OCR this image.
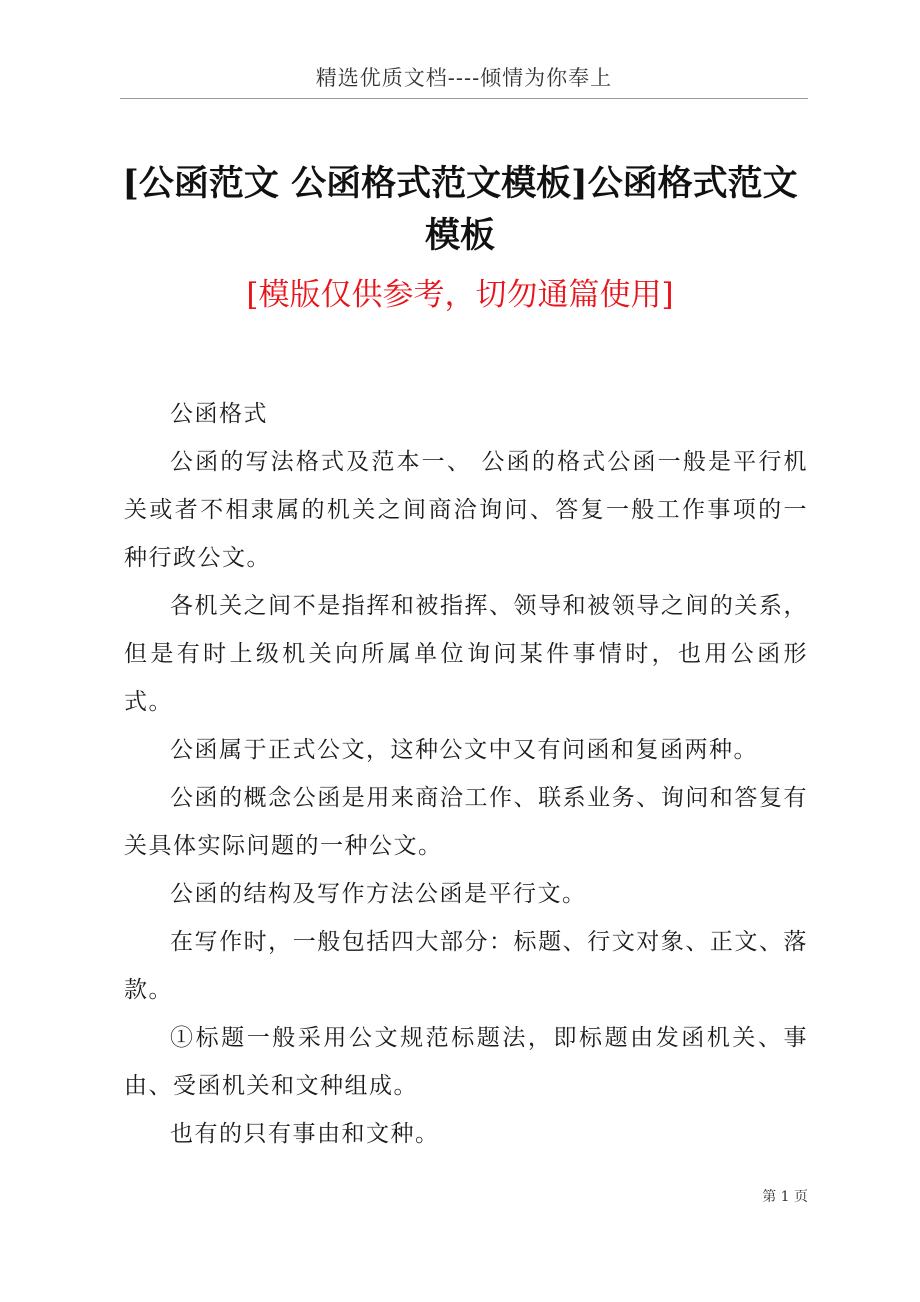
精选优质文档----倾情为你奉上
[公函范文 公函格式范文模板]公函格式范文
模板
[模版仅供参考，切勿通篇使用]

公函格式

公函的写法格式及范本一、 公函的格式公函一般是平行机关或者不相隶属的机关之间商洽询问、答复一般工作事项的一种行政公文。

各机关之间不是指挥和被指挥、领导和被领导之间的关系，但是有时上级机关向所属单位询问某件事情时，也用公函形式。

公函属于正式公文，这种公文中又有问函和复函两种。

公函的概念公函是用来商洽工作、联系业务、询问和答复有关具体实际问题的一种公文。

公函的结构及写作方法公函是平行文。

在写作时，一般包括四大部分：标题、行文对象、正文、落款。

①标题一般采用公文规范标题法，即标题由发函机关、事由、受函机关和文种组成。

也有的只有事由和文种。

第 1 页
